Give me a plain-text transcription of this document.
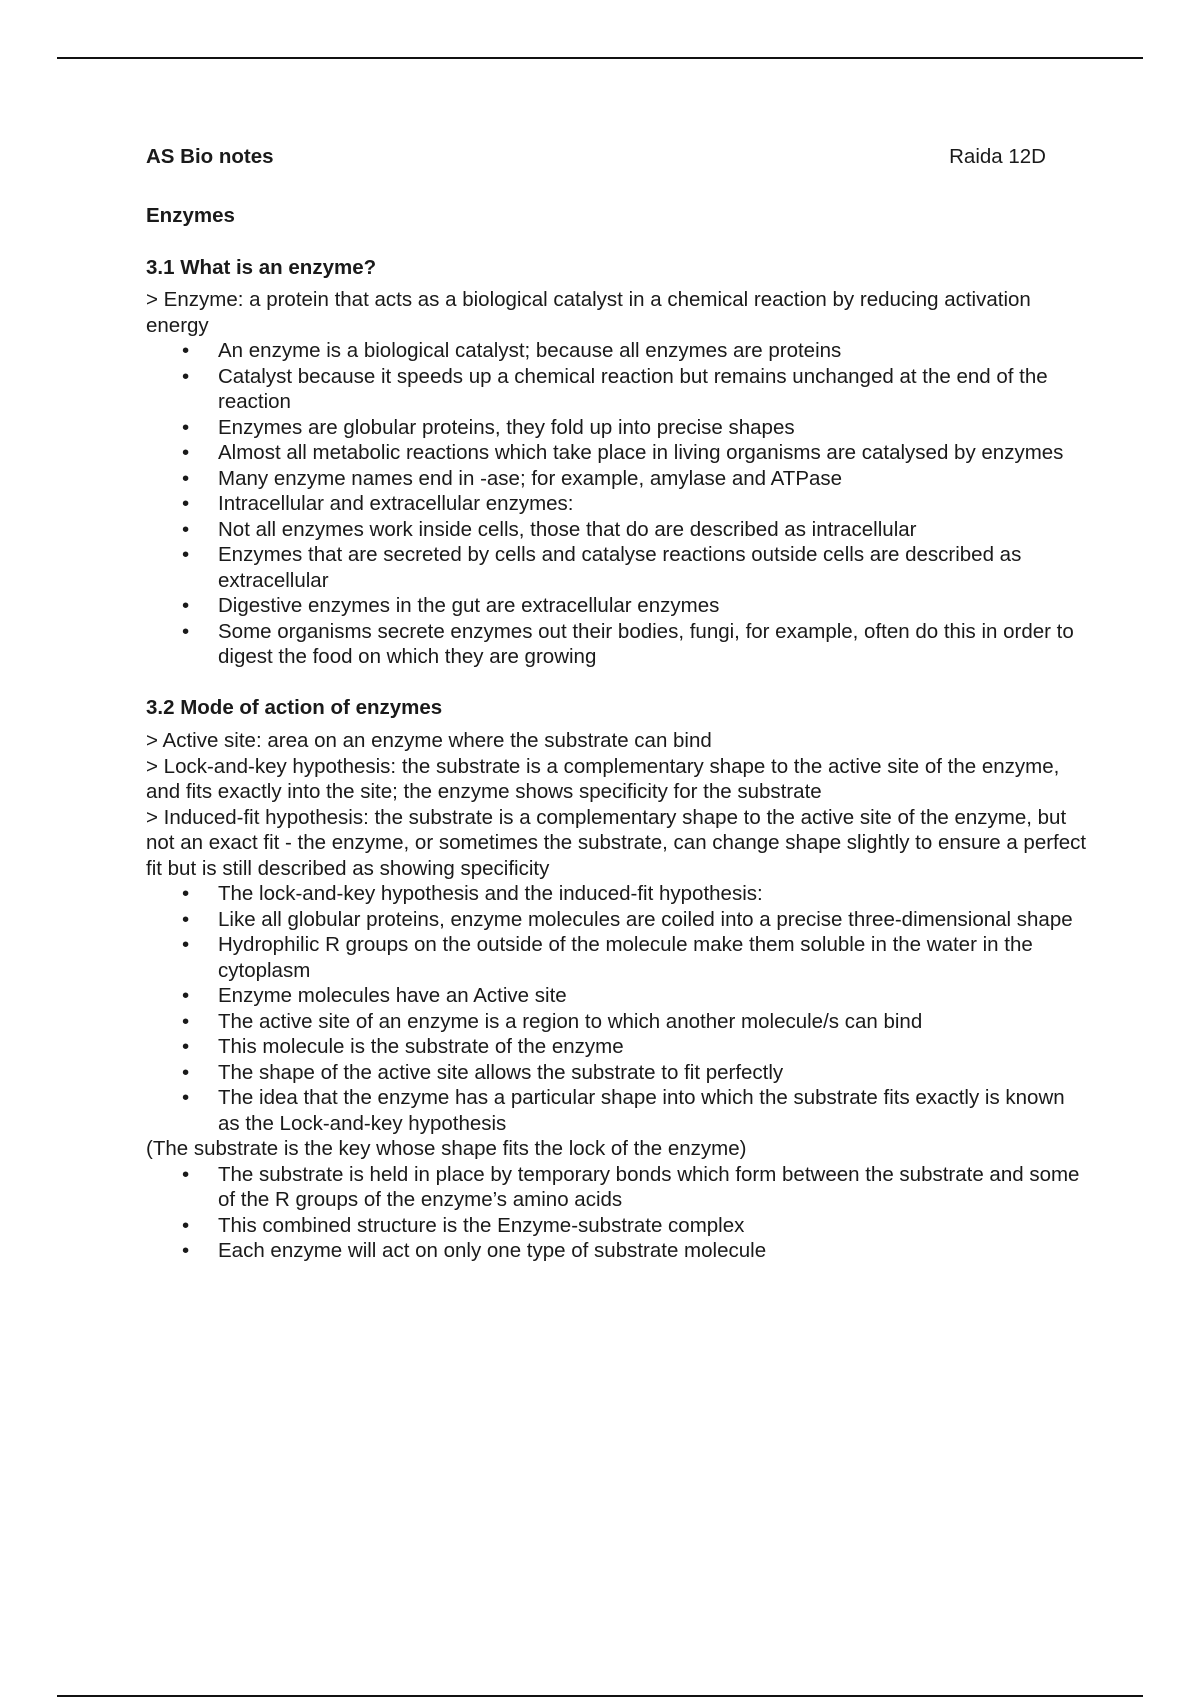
AS Bio notes	Raida 12D
Enzymes
3.1 What is an enzyme?

> Enzyme: a protein that acts as a biological catalyst in a chemical reaction by reducing activation energy

• An enzyme is a biological catalyst; because all enzymes are proteins
• Catalyst because it speeds up a chemical reaction but remains unchanged at the end of the reaction
• Enzymes are globular proteins, they fold up into precise shapes
• Almost all metabolic reactions which take place in living organisms are catalysed by enzymes
• Many enzyme names end in -ase; for example, amylase and ATPase
• Intracellular and extracellular enzymes:
• Not all enzymes work inside cells, those that do are described as intracellular
• Enzymes that are secreted by cells and catalyse reactions outside cells are described as extracellular
• Digestive enzymes in the gut are extracellular enzymes
• Some organisms secrete enzymes out their bodies, fungi, for example, often do this in order to digest the food on which they are growing
3.2 Mode of action of enzymes

> Active site: area on an enzyme where the substrate can bind

> Lock-and-key hypothesis: the substrate is a complementary shape to the active site of the enzyme, and fits exactly into the site; the enzyme shows specificity for the substrate

> Induced-fit hypothesis: the substrate is a complementary shape to the active site of the enzyme, but not an exact fit - the enzyme, or sometimes the substrate, can change shape slightly to ensure a perfect fit but is still described as showing specificity

• The lock-and-key hypothesis and the induced-fit hypothesis:
• Like all globular proteins, enzyme molecules are coiled into a precise three-dimensional shape
• Hydrophilic R groups on the outside of the molecule make them soluble in the water in the cytoplasm
• Enzyme molecules have an Active site
• The active site of an enzyme is a region to which another molecule/s can bind
• This molecule is the substrate of the enzyme
• The shape of the active site allows the substrate to fit perfectly
• The idea that the enzyme has a particular shape into which the substrate fits exactly is known as the Lock-and-key hypothesis

(The substrate is the key whose shape fits the lock of the enzyme)

• The substrate is held in place by temporary bonds which form between the substrate and some of the R groups of the enzyme’s amino acids
• This combined structure is the Enzyme-substrate complex
• Each enzyme will act on only one type of substrate molecule
